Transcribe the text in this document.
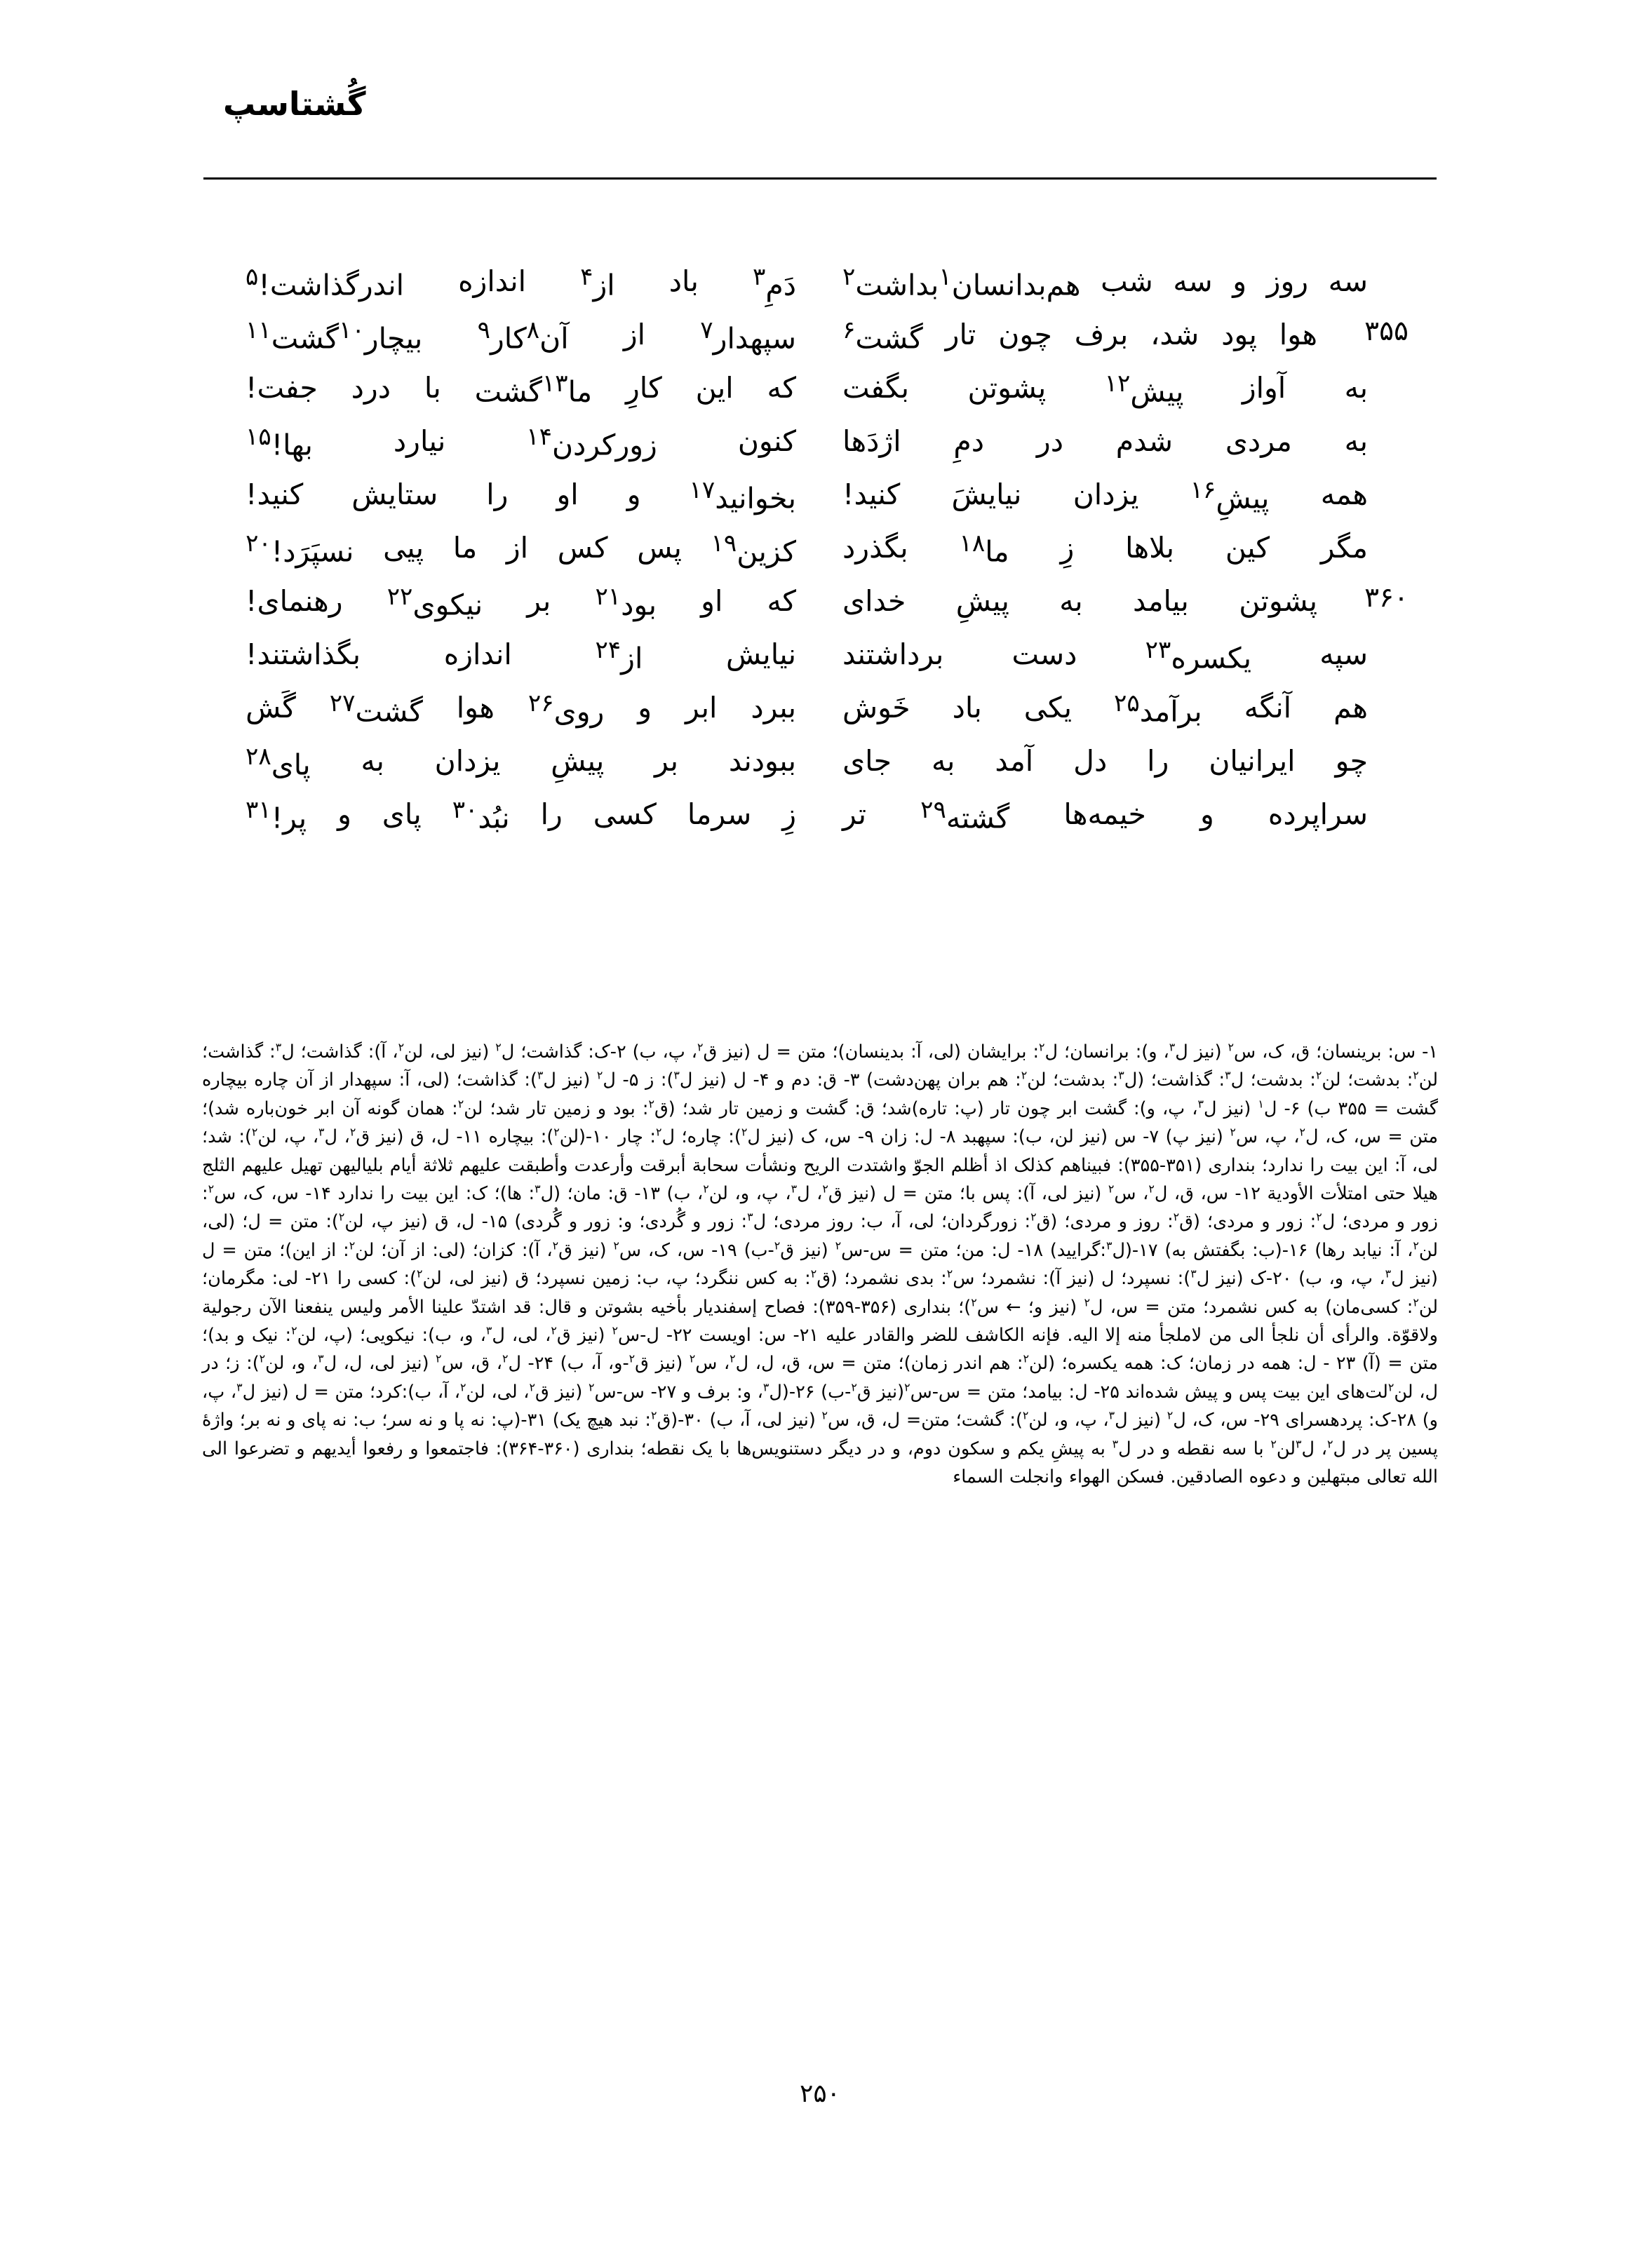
گُشتاسپ
سه
روز
و
سه
شب
هم‌بدانسان$^۱$بداشت$^۲$
دَمِ$^۳$
باد
از$^۴$
اندازه
اندرگذاشت!$^۵$
هوا
پود
شد،
برف
چون
تار
گشت$^۶$
سپهدار$^۷$
از
آن$^۸$کار$^۹$
بیچار$^{۱۰}$گشت$^{۱۱}$
به
آواز
پیش$^{۱۲}$
پشوتن
بگفت
که
این
کارِ
ما$^{۱۳}$گشت
با
درد
جفت!
به
مردی
شدم
در
دمِ
اژدَها
کنون
زورکردن$^{۱۴}$
نیارد
بها!$^{۱۵}$
همه
پیشِ$^{۱۶}$
یزدان
نیایشَ
کنید!
بخوانید$^{۱۷}$
و
او
را
ستایش
کنید!
مگر
کین
بلاها
زِ
ما$^{۱۸}$
بگذرد
کزین$^{۱۹}$
پس
کس
از
ما
پیی
نسپَرَد!$^{۲۰}$
پشوتن
بیامد
به
پیشِ
خدای
که
او
بود$^{۲۱}$
بر
نیکوی$^{۲۲}$
رهنمای!
سپه
یکسره$^{۲۳}$
دست
برداشتند
نیایش
از$^{۲۴}$
اندازه
بگذاشتند!
هم
آنگه
برآمد$^{۲۵}$
یکی
باد
خَوش
ببرد
ابر
و
روی$^{۲۶}$
هوا
گشت$^{۲۷}$
گَش
چو
ایرانیان
را
دل
آمد
به
جای
ببودند
بر
پیشِ
یزدان
به
پای$^{۲۸}$
سراپرده
و
خیمه‌ها
گشته$^{۲۹}$
تر
زِ
سرما
کسی
را
نبُد$^{۳۰}$
پای
و
پر!$^{۳۱}$

۱- س: برینسان؛ ق، ک، س$^۲$ (نیز ل$^۳$، و): برانسان؛ ل$^۲$: برایشان (لی، آ: بدینسان)؛ متن = ل (نیز ق$^۲$، پ، ب) ۲-ک: گذاشت؛ ل$^۲$ (نیز لی، لن$^۲$، آ): گذاشت؛ ل$^۳$: گذاشت؛ لن$^۲$: بدشت؛ لن$^۲$: بدشت؛ ل$^۳$: گذاشت؛ (ل$^۳$: بدشت؛ لن$^۲$: هم بران پهن‌دشت) ۳- ق: دم و ۴- ل (نیز ل$^۳$): ز ۵- ل$^۲$ (نیز ل$^۳$): گذاشت؛ (لی، آ: سپهدار از آن چاره بیچاره گشت = ۳۵۵ ب) ۶- ل$^۱$ (نیز ل$^۳$، پ، و): گشت ابر چون تار (پ: تاره)شد؛ ق: گشت و زمین تار شد؛ (ق$^۲$: بود و زمین تار شد؛ لن$^۲$: همان گونه آن ابر خون‌باره شد)؛ متن = س، ک، ل$^۲$، پ، س$^۲$ (نیز پ) ۷- س (نیز لن، ب): سپهبد ۸- ل: زان ۹- س، ک (نیز ل$^۲$): چاره؛ ل$^۲$: چار ۱۰-(لن$^۲$): بیچاره ۱۱- ل، ق (نیز ق$^۲$، ل$^۳$، پ، لن$^۲$): شد؛ لی، آ: این بیت را ندارد؛ بنداری (۳۵۱-۳۵۵): فبیناهم کذلک اذ أظلم الجوّ واشتدت الریح ونشأت سحابة أبرقت وأرعدت وأطبقت علیهم ثلاثة أیام بلیالیهن تهیل علیهم الثلج هیلا حتی امتلأت الأودیة ۱۲- س، ق، ل$^۲$، س$^۲$ (نیز لی، آ): پس با؛ متن = ل (نیز ق$^۲$، ل$^۳$، پ، و، لن$^۲$، ب) ۱۳- ق: مان؛ (ل$^۳$: ها)؛ ک: این بیت را ندارد ۱۴- س، ک، س$^۲$: زور و مردی؛ ل$^۲$: زور و مردی؛ (ق$^۲$: روز و مردی؛ (ق$^۲$: زورگردان؛ لی، آ، ب: روز مردی؛ ل$^۳$: زور و گُردی؛ و: زور و گُردی) ۱۵- ل، ق (نیز پ، لن$^۲$): متن = ل؛ (لی، لن$^۲$، آ: نیابد رها) ۱۶-(ب: بگفتش به) ۱۷-(ل$^۳$:گرایید) ۱۸- ل: من؛ متن = س-س$^۲$ (نیز ق$^۲$-ب) ۱۹- س، ک، س$^۲$ (نیز ق$^۲$، آ): کزان؛ (لی: از آن؛ لن$^۲$: از این)؛ متن = ل (نیز ل$^۳$، پ، و، ب) ۲۰-ک (نیز ل$^۳$): نسپرد؛ ل (نیز آ): نشمرد؛ س$^۲$: بدی نشمرد؛ (ق$^۲$: به کس ننگرد؛ پ، ب: زمین نسپرد؛ ق (نیز لی، لن$^۲$): کسی را ۲۱- لی: مگرمان؛ لن$^۲$: کسی‌مان) به کس نشمرد؛ متن = س، ل$^۲$ (نیز و؛ ← س$^۲$)؛ بنداری (۳۵۶-۳۵۹): فصاح إسفندیار بأخیه بشوتن و قال: قد اشتدّ علینا الأمر ولیس ینفعنا الآن رجولیة ولاقوّة. والرأی أن نلجأ الی من لاملجأ منه إلا الیه. فإنه الکاشف للضر والقادر علیه ۲۱- س: اویست ۲۲- ل-س$^۲$ (نیز ق$^۲$، لی، ل$^۳$، و، ب): نیکویی؛ (پ، لن$^۲$: نیک و بد)؛ متن = (آ) ۲۳ - ل: همه در زمان؛ ک: همه یکسره؛ (لن$^۲$: هم اندر زمان)؛ متن = س، ق، ل، ل$^۲$، س$^۲$ (نیز ق$^۲$-و، آ، ب) ۲۴- ل$^۲$، ق، س$^۲$ (نیز لی، ل، ل$^۳$، و، لن$^۲$): ز؛ در ل، لن$^۲$لت‌های این بیت پس و پیش شده‌اند ۲۵- ل: بیامد؛ متن = س-س$^۲$(نیز ق$^۲$-ب) ۲۶-(ل$^۳$، و: برف و ۲۷- س-س$^۲$ (نیز ق$^۲$، لی، لن$^۲$، آ، ب):کرد؛ متن = ل (نیز ل$^۳$، پ، و) ۲۸-ک: پردهسرای ۲۹- س، ک، ل$^۲$ (نیز ل$^۳$، پ، و، لن$^۲$): گشت؛ متن= ل، ق، س$^۲$ (نیز لی، آ، ب) ۳۰-(ق$^۲$: نبد هیچ یک) ۳۱-(پ: نه پا و نه سر؛ ب: نه پای و نه بر؛ واژهٔ پسین پر در ل$^۲$، ل$^۳$لن$^۲$ با سه نقطه و در ل$^۳$ به پیشِ یکم و سکون دوم، و در دیگر دستنویس‌ها با یک نقطه؛ بنداری (۳۶۰-۳۶۴): فاجتمعوا و رفعوا أیدیهم و تضرعوا الی الله تعالی مبتهلین و دعوه الصادقین. فسکن الهواء وانجلت السماء

۲۵۰
۳۵۵
۳۶۰
